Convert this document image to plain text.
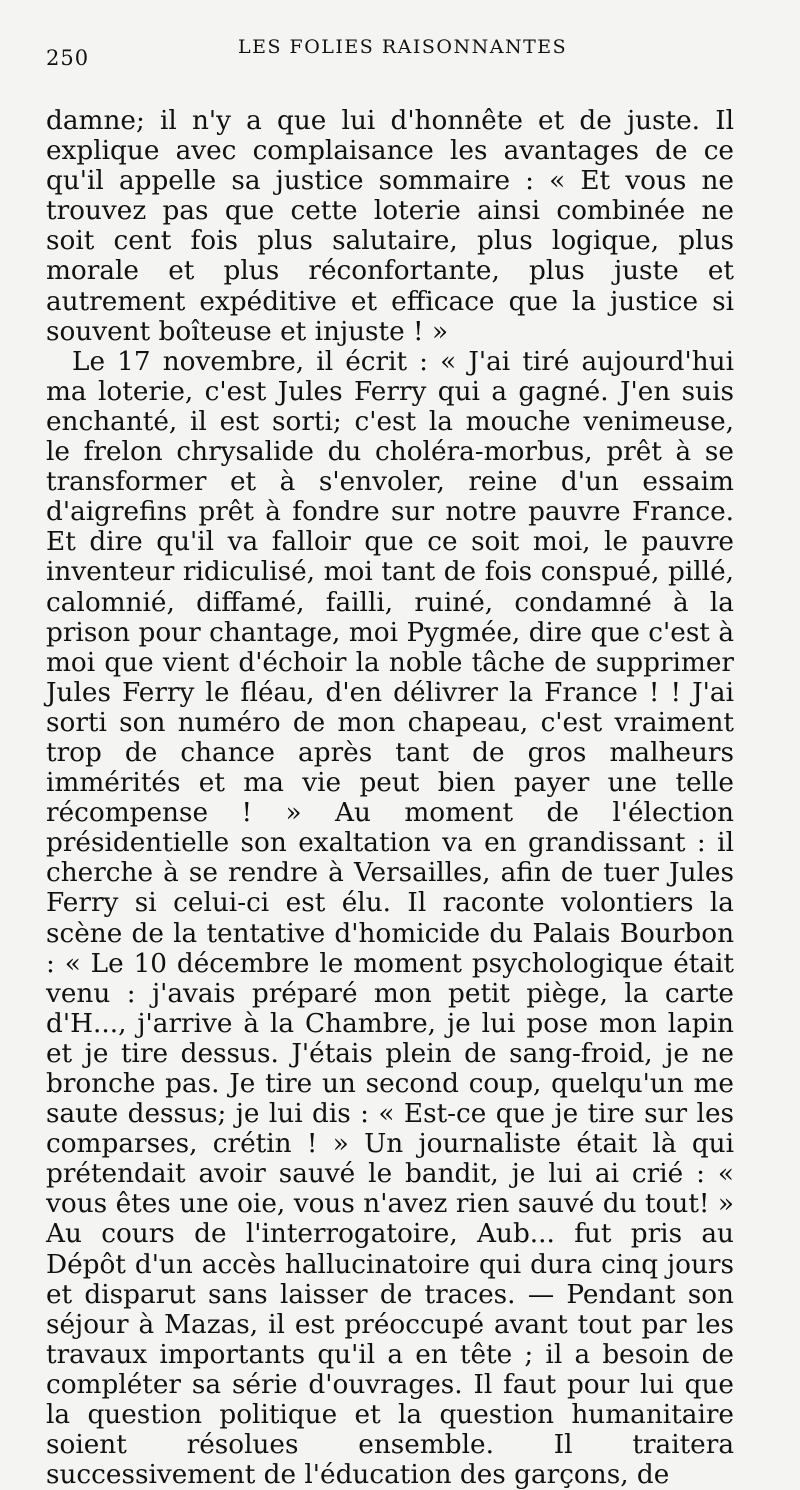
250	LES FOLIES RAISONNANTES

damne; il n'y a que lui d'honnête et de juste. Il explique avec complaisance les avantages de ce qu'il appelle sa justice sommaire : « Et vous ne trouvez pas que cette loterie ainsi combinée ne soit cent fois plus salutaire, plus logique, plus morale et plus réconfortante, plus juste et autrement expéditive et efficace que la justice si souvent boîteuse et injuste ! »

Le 17 novembre, il écrit : « J'ai tiré aujourd'hui ma loterie, c'est Jules Ferry qui a gagné. J'en suis enchanté, il est sorti; c'est la mouche venimeuse, le frelon chrysalide du choléra-morbus, prêt à se transformer et à s'envoler, reine d'un essaim d'aigrefins prêt à fondre sur notre pauvre France. Et dire qu'il va falloir que ce soit moi, le pauvre inventeur ridiculisé, moi tant de fois conspué, pillé, calomnié, diffamé, failli, ruiné, condamné à la prison pour chantage, moi Pygmée, dire que c'est à moi que vient d'échoir la noble tâche de supprimer Jules Ferry le fléau, d'en délivrer la France ! ! J'ai sorti son numéro de mon chapeau, c'est vraiment trop de chance après tant de gros malheurs immérités et ma vie peut bien payer une telle récompense ! » Au moment de l'élection présidentielle son exaltation va en grandissant : il cherche à se rendre à Versailles, afin de tuer Jules Ferry si celui-ci est élu. Il raconte volontiers la scène de la tentative d'homicide du Palais Bourbon : « Le 10 décembre le moment psychologique était venu : j'avais préparé mon petit piège, la carte d'H..., j'arrive à la Chambre, je lui pose mon lapin et je tire dessus. J'étais plein de sang-froid, je ne bronche pas. Je tire un second coup, quelqu'un me saute dessus; je lui dis : « Est-ce que je tire sur les comparses, crétin ! » Un journaliste était là qui prétendait avoir sauvé le bandit, je lui ai crié : « vous êtes une oie, vous n'avez rien sauvé du tout! » Au cours de l'interrogatoire, Aub... fut pris au Dépôt d'un accès hallucinatoire qui dura cinq jours et disparut sans laisser de traces. — Pendant son séjour à Mazas, il est préoccupé avant tout par les travaux importants qu'il a en tête ; il a besoin de compléter sa série d'ouvrages. Il faut pour lui que la question politique et la question humanitaire soient résolues ensemble. Il traitera successivement de l'éducation des garçons, de
